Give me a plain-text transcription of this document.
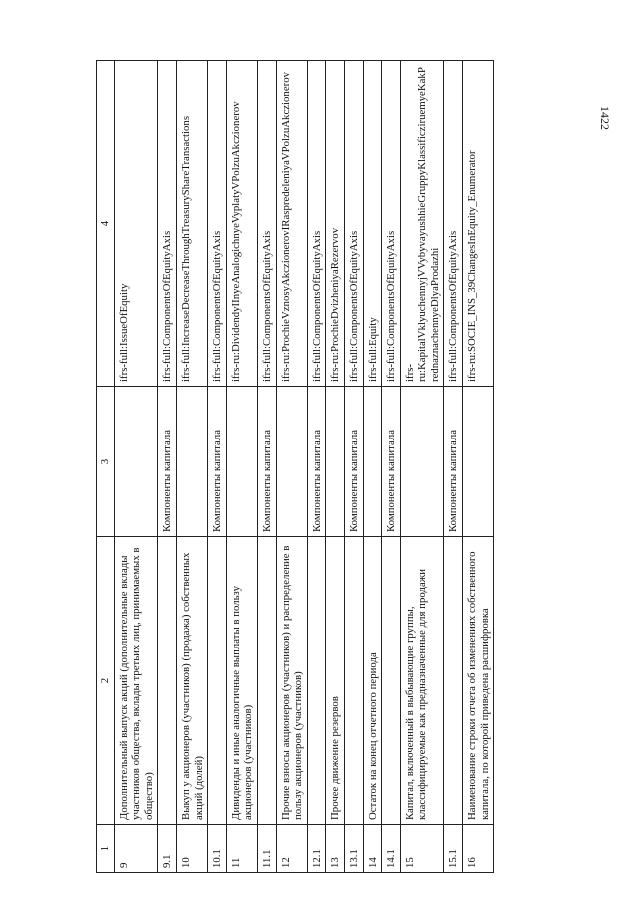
1422
1	2	3	4
9	Дополнительный выпуск акций (дополнительные вклады участников общества, вклады третьих лиц, принимаемых в общество)		ifrs-full:IssueOfEquity
9.1		Компоненты капитала	ifrs-full:ComponentsOfEquityAxis
10	Выкуп у акционеров (участников) (продажа) собственных акций (долей)		ifrs-full:IncreaseDecreaseThroughTreasuryShareTransactions
10.1		Компоненты капитала	ifrs-full:ComponentsOfEquityAxis
11	Дивиденды и иные аналогичные выплаты в пользу акционеров (участников)		ifrs-ru:DividendyIInyeAnalogichnyeVyplatyVPolzuAkczionerov
11.1		Компоненты капитала	ifrs-full:ComponentsOfEquityAxis
12	Прочие взносы акционеров (участников) и распределение в пользу акционеров (участников)		ifrs-ru:ProchieVznosyAkczionerovIRaspredeleniyaVPolzuAkczionerov
12.1		Компоненты капитала	ifrs-full:ComponentsOfEquityAxis
13	Прочее движение резервов		ifrs-ru:ProchieDvizheniyaRezervov
13.1		Компоненты капитала	ifrs-full:ComponentsOfEquityAxis
14	Остаток на конец отчетного периода		ifrs-full:Equity
14.1		Компоненты капитала	ifrs-full:ComponentsOfEquityAxis
15	Капитал, включенный в выбывающие группы, классифицируемые как предназначенные для продажи		ifrs-ru:KapitalVklyuchennyjVVybyvayushhieGruppyKlassificziruemyeKakPrednaznachennyeDlyaProdazhi
15.1		Компоненты капитала	ifrs-full:ComponentsOfEquityAxis
16	Наименование строки отчета об изменениях собственного капитала, по которой приведена расшифровка		ifrs-ru:SOCIE_INS_39ChangesInEquity_Enumerator
